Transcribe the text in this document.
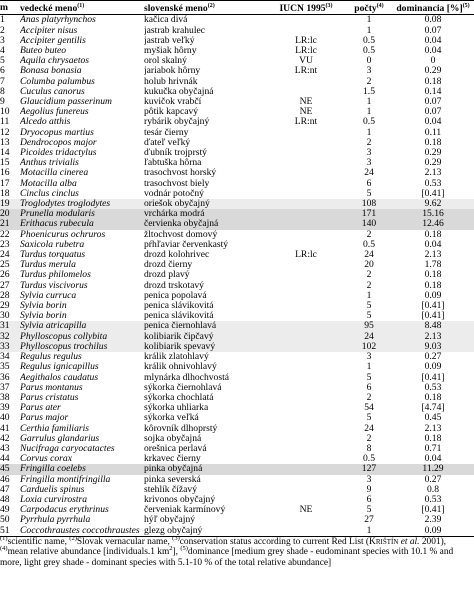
m	vedecké meno$^{(1)}$	slovenské meno$^{(2)}$	IUCN 1995$^{(3)}$	počty$^{(4)}$	dominancia [%]$^{(5)}$
1	Anas platyrhynchos	kačica divá		1	0.08
2	Accipiter nisus	jastrab krahulec		1	0.07
3	Accipiter gentilis	jastrab veľký	LR:lc	0.5	0.04
4	Buteo buteo	myšiak hôrny	LR:lc	0.5	0.04
5	Aquila chrysaetos	orol skalný	VU	0	0
6	Bonasa bonasia	jariabok hôrny	LR:nt	3	0.29
7	Columba palumbus	holub hrivnák		2	0.18
8	Cuculus canorus	kukučka obyčajná		1.5	0.14
9	Glaucidium passerinum	kuvičok vrabčí	NE	1	0.07
10	Aegolius funereus	pôtik kapcavý	NE	1	0.07
11	Alcedo atthis	rybárik obyčajný	LR:nt	0.5	0.04
12	Dryocopus martius	tesár čierny		1	0.11
13	Dendrocopos major	ďateľ veľký		2	0.18
14	Picoides tridactylus	ďubník trojprstý		3	0.29
15	Anthus trivialis	ľabtuška hôrna		3	0.29
16	Motacilla cinerea	trasochvost horský		24	2.13
17	Motacilla alba	trasochvost biely		6	0.53
18	Cinclus cinclus	vodnár potočný		5	[0.41]
19	Troglodytes troglodytes	oriešok obyčajný		108	9.62
20	Prunella modularis	vrchárka modrá		171	15.16
21	Erithacus rubecula	červienka obyčajná		140	12.46
22	Phoenicurus ochruros	žltochvost domový		2	0.18
23	Saxicola rubetra	pŕhľaviar červenkastý		0.5	0.04
24	Turdus torquatus	drozd kolohrivec	LR:lc	24	2.13
25	Turdus merula	drozd čierny		20	1.78
26	Turdus philomelos	drozd plavý		2	0.18
27	Turdus viscivorus	drozd trskotavý		2	0.18
28	Sylvia curruca	penica popolavá		1	0.09
29	Sylvia borin	penica slávikovitá		5	[0.41]
30	Sylvia borin	penica slávikovitá		5	[0.41]
31	Sylvia atricapilla	penica čiernohlavá		95	8.48
32	Phylloscopus collybita	kolibiarik čipčavý		24	2.13
33	Phylloscopus trochilus	kolibiarik spevavý		102	9.03
34	Regulus regulus	králik zlatohlavý		3	0.27
35	Regulus ignicapillus	králik ohnivohlavý		1	0.09
36	Aegithalos caudatus	mlynárka dlhochvostá		5	[0.41]
37	Parus montanus	sýkorka čiernohlavá		6	0.53
38	Parus cristatus	sýkorka chochlatá		2	0.18
39	Parus ater	sýkorka uhliarka		54	[4.74]
40	Parus major	sýkorka veľká		5	0.45
41	Certhia familiaris	kôrovník dlhoprstý		24	2.13
42	Garrulus glandarius	sojka obyčajná		2	0.18
43	Nucifraga caryocatactes	orešnica perlavá		8	0.71
44	Corvus corax	krkavec čierny		0.5	0.04
45	Fringilla coelebs	pinka obyčajná		127	11.29
46	Fringilla montifringilla	pinka severská		3	0.27
47	Carduelis spinus	stehlík čížavý		9	0.8
48	Loxia curvirostra	krivonos obyčajný		6	0.53
49	Carpodacus erythrinus	červeniak karmínový	NE	5	[0.41]
50	Pyrrhula pyrrhula	hýľ obyčajný		27	2.39
51	Coccothraustes coccothraustes	glezg obyčajný		1	0.09
$^{(1)}$scientific name, $^{(2)}$Slovak vernacular name, $^{(3)}$conservation status according to current Red List (Krištín et al. 2001),
$^{(4)}$mean relative abundance [individuals.1 $km^2$], $^{(5)}$dominance [medium grey shade - eudominant species with 10.1 % and
more, light grey shade - dominant species with 5.1-10 % of the total relative abundance]
